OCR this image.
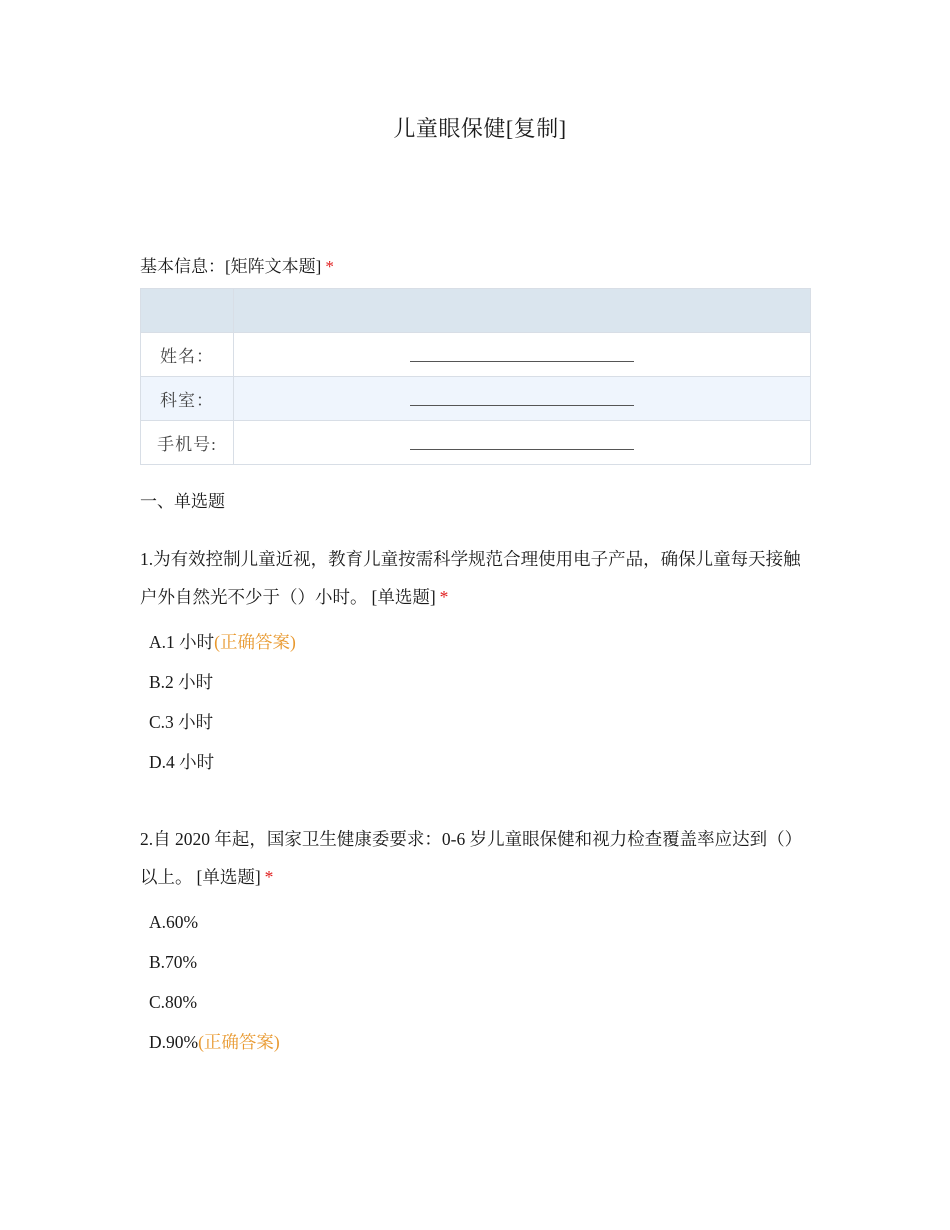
儿童眼保健[复制]
基本信息：[矩阵文本题] *

姓名：	
科室：	
手机号:	
一、单选题
1.为有效控制儿童近视，教育儿童按需科学规范合理使用电子产品，确保儿童每天接触户外自然光不少于（）小时。 [单选题] *
A.1 小时(正确答案)
B.2 小时
C.3 小时
D.4 小时
2.自 2020 年起，国家卫生健康委要求：0-6 岁儿童眼保健和视力检查覆盖率应达到（）以上。 [单选题] *
A.60%
B.70%
C.80%
D.90%(正确答案)
